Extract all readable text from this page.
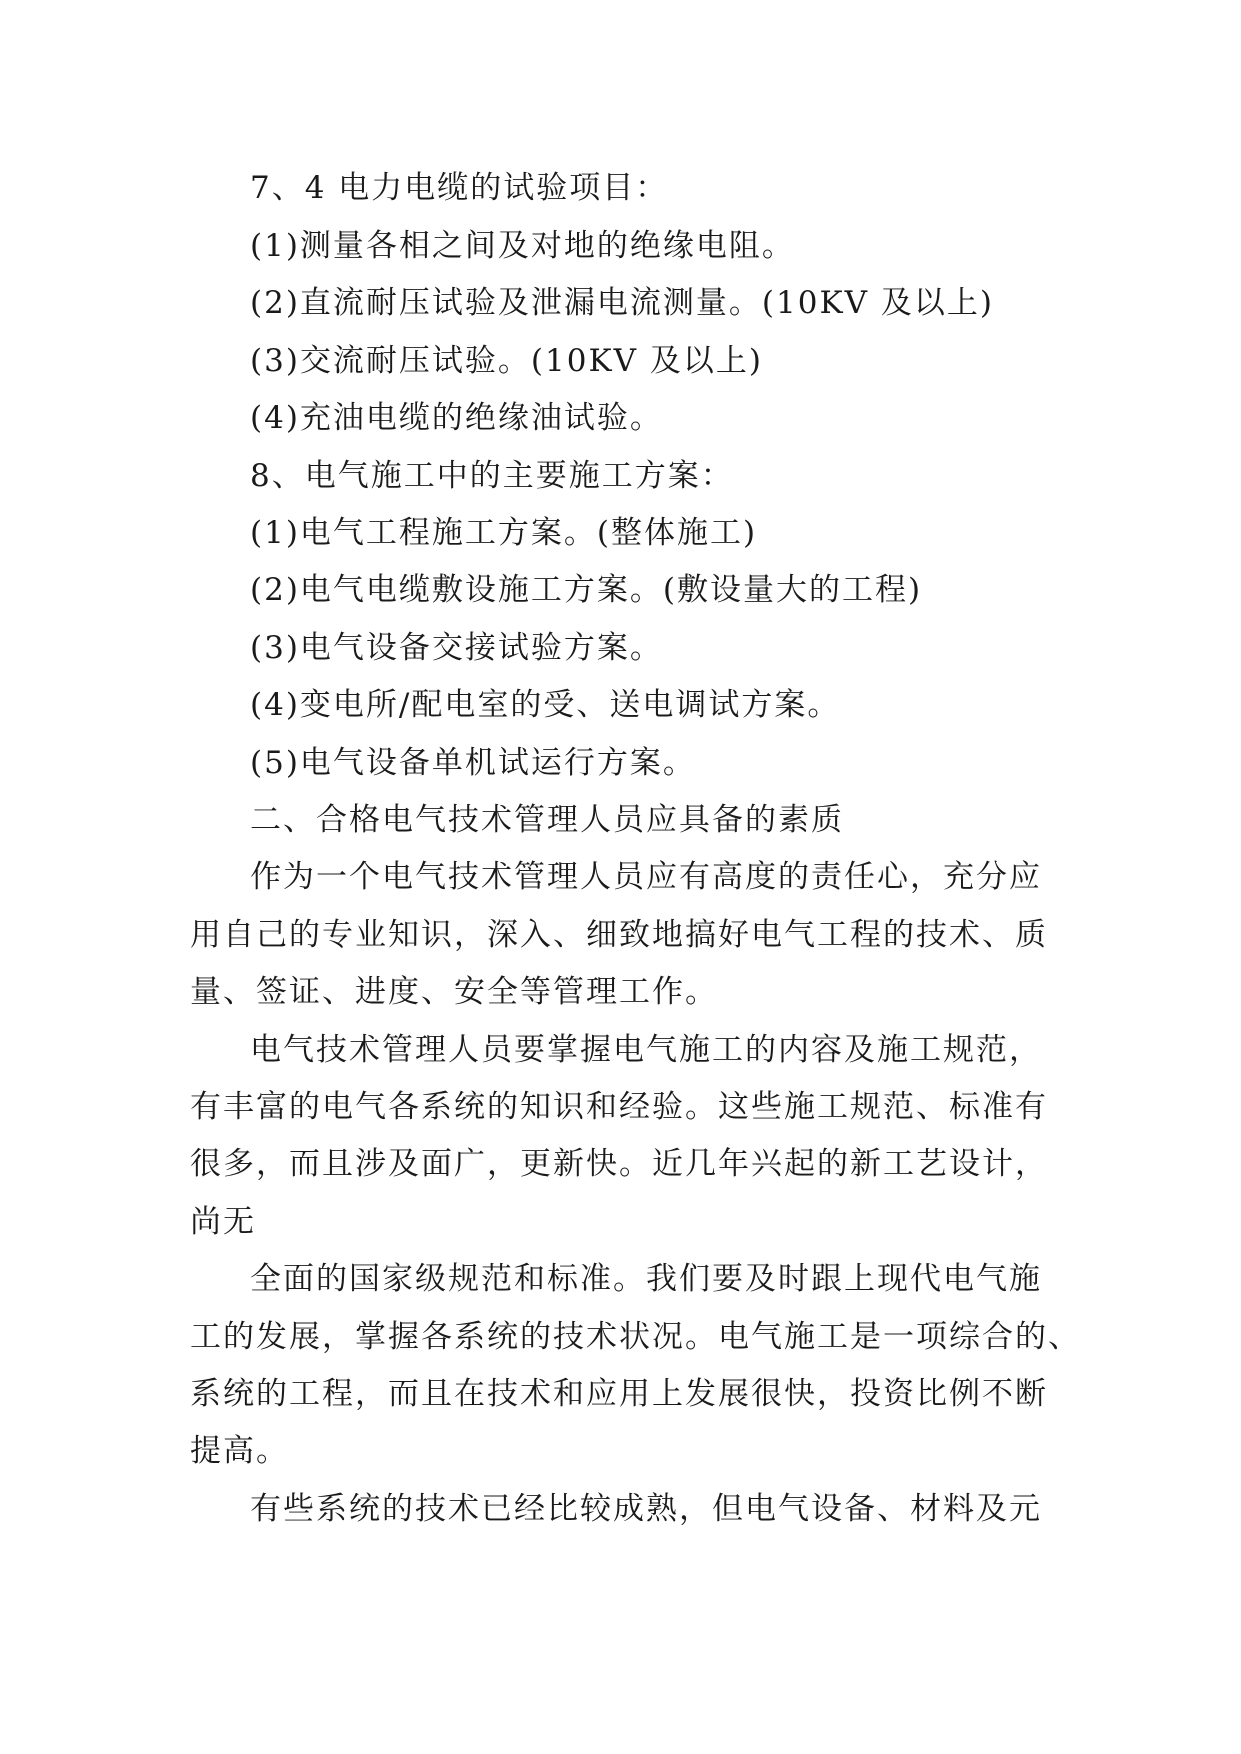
7、4 电力电缆的试验项目：
(1)测量各相之间及对地的绝缘电阻。
(2)直流耐压试验及泄漏电流测量。(10KV 及以上)
(3)交流耐压试验。(10KV 及以上)
(4)充油电缆的绝缘油试验。
8、电气施工中的主要施工方案：
(1)电气工程施工方案。(整体施工)
(2)电气电缆敷设施工方案。(敷设量大的工程)
(3)电气设备交接试验方案。
(4)变电所/配电室的受、送电调试方案。
(5)电气设备单机试运行方案。
二、合格电气技术管理人员应具备的素质
作为一个电气技术管理人员应有高度的责任心，充分应
用自己的专业知识，深入、细致地搞好电气工程的技术、质
量、签证、进度、安全等管理工作。
电气技术管理人员要掌握电气施工的内容及施工规范，
有丰富的电气各系统的知识和经验。这些施工规范、标准有
很多，而且涉及面广，更新快。近几年兴起的新工艺设计，
尚无
全面的国家级规范和标准。我们要及时跟上现代电气施
工的发展，掌握各系统的技术状况。电气施工是一项综合的、
系统的工程，而且在技术和应用上发展很快，投资比例不断
提高。
有些系统的技术已经比较成熟，但电气设备、材料及元
